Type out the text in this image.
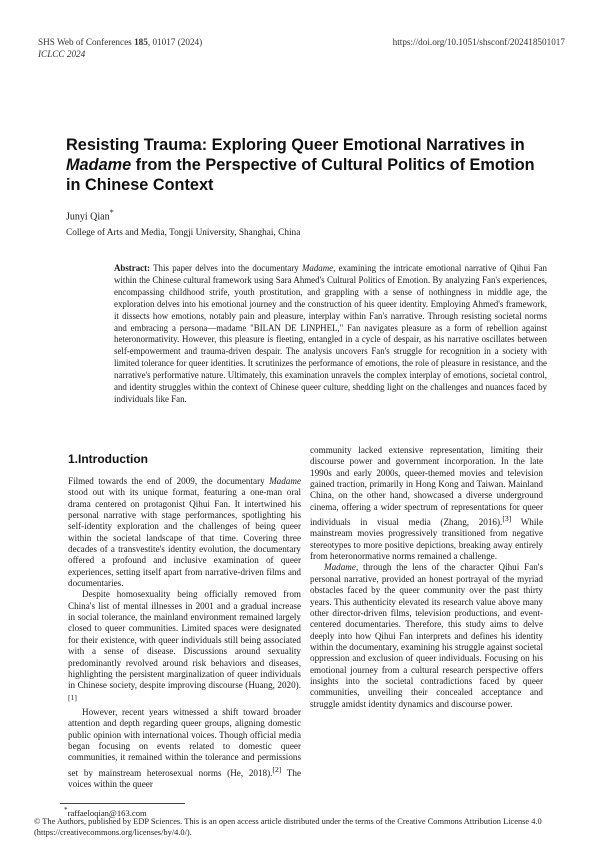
SHS Web of Conferences 185, 01017 (2024)
ICLCC 2024
https://doi.org/10.1051/shsconf/202418501017
Resisting Trauma: Exploring Queer Emotional Narratives in Madame from the Perspective of Cultural Politics of Emotion in Chinese Context
Junyi Qian*
College of Arts and Media, Tongji University, Shanghai, China

Abstract: This paper delves into the documentary Madame, examining the intricate emotional narrative of Qihui Fan within the Chinese cultural framework using Sara Ahmed's Cultural Politics of Emotion. By analyzing Fan's experiences, encompassing childhood strife, youth prostitution, and grappling with a sense of nothingness in middle age, the exploration delves into his emotional journey and the construction of his queer identity. Employing Ahmed's framework, it dissects how emotions, notably pain and pleasure, interplay within Fan's narrative. Through resisting societal norms and embracing a persona—madame "BILAN DE LINPHEL," Fan navigates pleasure as a form of rebellion against heteronormativity. However, this pleasure is fleeting, entangled in a cycle of despair, as his narrative oscillates between self-empowerment and trauma-driven despair. The analysis uncovers Fan's struggle for recognition in a society with limited tolerance for queer identities. It scrutinizes the performance of emotions, the role of pleasure in resistance, and the narrative's performative nature. Ultimately, this examination unravels the complex interplay of emotions, societal control, and identity struggles within the context of Chinese queer culture, shedding light on the challenges and nuances faced by individuals like Fan.

1.Introduction

Filmed towards the end of 2009, the documentary Madame stood out with its unique format, featuring a one-man oral drama centered on protagonist Qihui Fan. It intertwined his personal narrative with stage performances, spotlighting his self-identity exploration and the challenges of being queer within the societal landscape of that time. Covering three decades of a transvestite's identity evolution, the documentary offered a profound and inclusive examination of queer experiences, setting itself apart from narrative-driven films and documentaries.

Despite homosexuality being officially removed from China's list of mental illnesses in 2001 and a gradual increase in social tolerance, the mainland environment remained largely closed to queer communities. Limited spaces were designated for their existence, with queer individuals still being associated with a sense of disease. Discussions around sexuality predominantly revolved around risk behaviors and diseases, highlighting the persistent marginalization of queer individuals in Chinese society, despite improving discourse (Huang, 2020).[1]

However, recent years witnessed a shift toward broader attention and depth regarding queer groups, aligning domestic public opinion with international voices. Though official media began focusing on events related to domestic queer communities, it remained within the tolerance and permissions set by mainstream heterosexual norms (He, 2018).[2] The voices within the queer

community lacked extensive representation, limiting their discourse power and government incorporation. In the late 1990s and early 2000s, queer-themed movies and television gained traction, primarily in Hong Kong and Taiwan. Mainland China, on the other hand, showcased a diverse underground cinema, offering a wider spectrum of representations for queer individuals in visual media (Zhang, 2016).[3] While mainstream movies progressively transitioned from negative stereotypes to more positive depictions, breaking away entirely from heteronormative norms remained a challenge.

Madame, through the lens of the character Qihui Fan's personal narrative, provided an honest portrayal of the myriad obstacles faced by the queer community over the past thirty years. This authenticity elevated its research value above many other director-driven films, television productions, and event-centered documentaries. Therefore, this study aims to delve deeply into how Qihui Fan interprets and defines his identity within the documentary, examining his struggle against societal oppression and exclusion of queer individuals. Focusing on his emotional journey from a cultural research perspective offers insights into the societal contradictions faced by queer communities, unveiling their concealed acceptance and struggle amidst identity dynamics and discourse power.

*raffaeloqian@163.com
© The Authors, published by EDP Sciences. This is an open access article distributed under the terms of the Creative Commons Attribution License 4.0 (https://creativecommons.org/licenses/by/4.0/).
